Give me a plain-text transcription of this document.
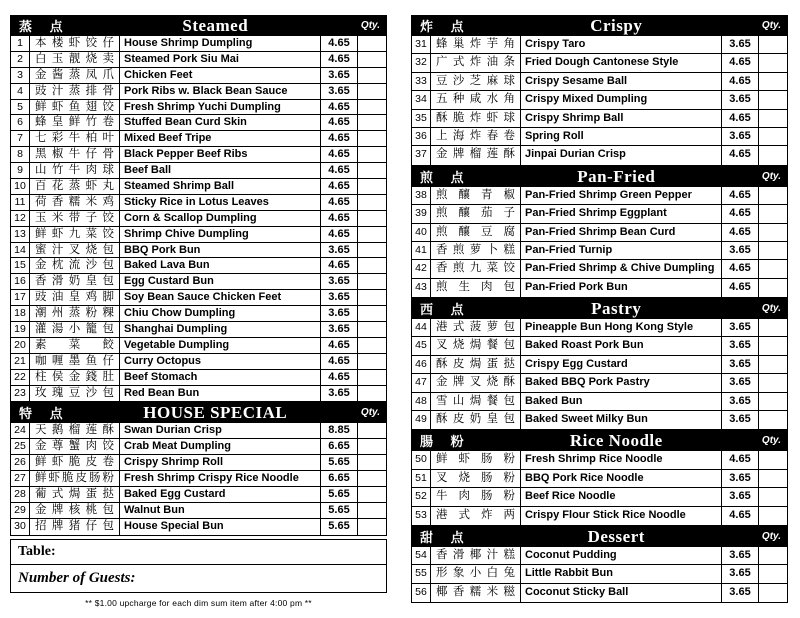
蒸 点	Steamed	Qty.
1	本楼虾饺仔 House Shrimp Dumpling	4.65
2	白玉靓烧卖 Steamed Pork Siu Mai	4.65
3	金酱蒸凤爪 Chicken Feet	3.65
4	豉汁蒸排骨 Pork Ribs w. Black Bean Sauce	3.65
5	鲜虾鱼翅饺 Fresh Shrimp Yuchi Dumpling	4.65
6	蜂皇鲜竹卷 Stuffed Bean Curd Skin	4.65
7	七彩牛柏叶 Mixed Beef Tripe	4.65
8	黑椒牛仔骨 Black Pepper Beef Ribs	4.65
9	山竹牛肉球 Beef Ball	4.65
10 百花蒸虾丸 Steamed Shrimp Ball	4.65
11 荷香糯米鸡 Sticky Rice in Lotus Leaves	4.65
12 玉米带子饺 Corn & Scallop Dumpling	4.65
13 鲜虾九菜饺 Shrimp Chive Dumpling	4.65
14 蜜汁叉烧包 BBQ Pork Bun	3.65
15 金枕流沙包 Baked Lava Bun	4.65
16 香滑奶皇包 Egg Custard Bun	3.65
17 豉油皇鸡脚 Soy Bean Sauce Chicken Feet	3.65
18 潮州蒸粉粿 Chiu Chow Dumpling	3.65
19 灌湯小籠包 Shanghai Dumpling	3.65
20 素菜餃 Vegetable Dumpling	4.65
21 咖喱墨鱼仔 Curry Octopus	4.65
22 柱侯金錢肚 Beef Stomach	4.65
23 玫瑰豆沙包 Red Bean Bun	3.65
特 点	HOUSE SPECIAL	Qty.
24 天鹅榴莲酥 Swan Durian Crisp	8.85
25 金尊蟹肉饺 Crab Meat Dumpling	6.65
26 鲜虾脆皮卷 Crispy Shrimp Roll	5.65
27 鲜虾脆皮肠粉 Fresh Shrimp Crispy Rice Noodle	6.65
28 葡式焗蛋挞 Baked Egg Custard	5.65
29 金牌核桃包 Walnut Bun	5.65
30 招牌猪仔包 House Special Bun	5.65
Table:
Number of Guests:
** $1.00 upcharge for each dim sum item after 4:00 pm **
炸 点	Crispy	Qty.
31 蜂巢炸芋角 Crispy Taro	3.65
32 广式炸油条 Fried Dough Cantonese Style	4.65
33 豆沙芝麻球 Crispy Sesame Ball	4.65
34 五种咸水角 Crispy Mixed Dumpling	3.65
35 酥脆炸虾球 Crispy Shrimp Ball	4.65
36 上海炸春卷 Spring Roll	3.65
37 金牌榴莲酥 Jinpai Durian Crisp	4.65
煎 点	Pan-Fried	Qty.
38 煎釀青椒 Pan-Fried Shrimp Green Pepper	4.65
39 煎釀茄子 Pan-Fried Shrimp Eggplant	4.65
40 煎釀豆腐 Pan-Fried Shrimp Bean Curd	4.65
41 香煎萝卜糕 Pan-Fried Turnip	3.65
42 香煎九菜饺 Pan-Fried Shrimp & Chive Dumpling	4.65
43 煎生肉包 Pan-Fried Pork Bun	4.65
西 点	Pastry	Qty.
44 港式菠萝包 Pineapple Bun Hong Kong Style	3.65
45 叉烧焗餐包 Baked Roast Pork Bun	3.65
46 酥皮焗蛋挞 Crispy Egg Custard	3.65
47 金牌叉烧酥 Baked BBQ Pork Pastry	3.65
48 雪山焗餐包 Baked Bun	3.65
49 酥皮奶皇包 Baked Sweet Milky Bun	3.65
腸 粉	Rice Noodle	Qty.
50 鲜虾肠粉 Fresh Shrimp Rice Noodle	4.65
51 叉烧肠粉 BBQ Pork Rice Noodle	3.65
52 牛肉肠粉 Beef Rice Noodle	3.65
53 港式炸两 Crispy Flour Stick Rice Noodle	4.65
甜 点	Dessert	Qty.
54 香滑椰汁糕 Coconut Pudding	3.65
55 形象小白兔 Little Rabbit Bun	3.65
56 椰香糯米糍 Coconut Sticky Ball	3.65
